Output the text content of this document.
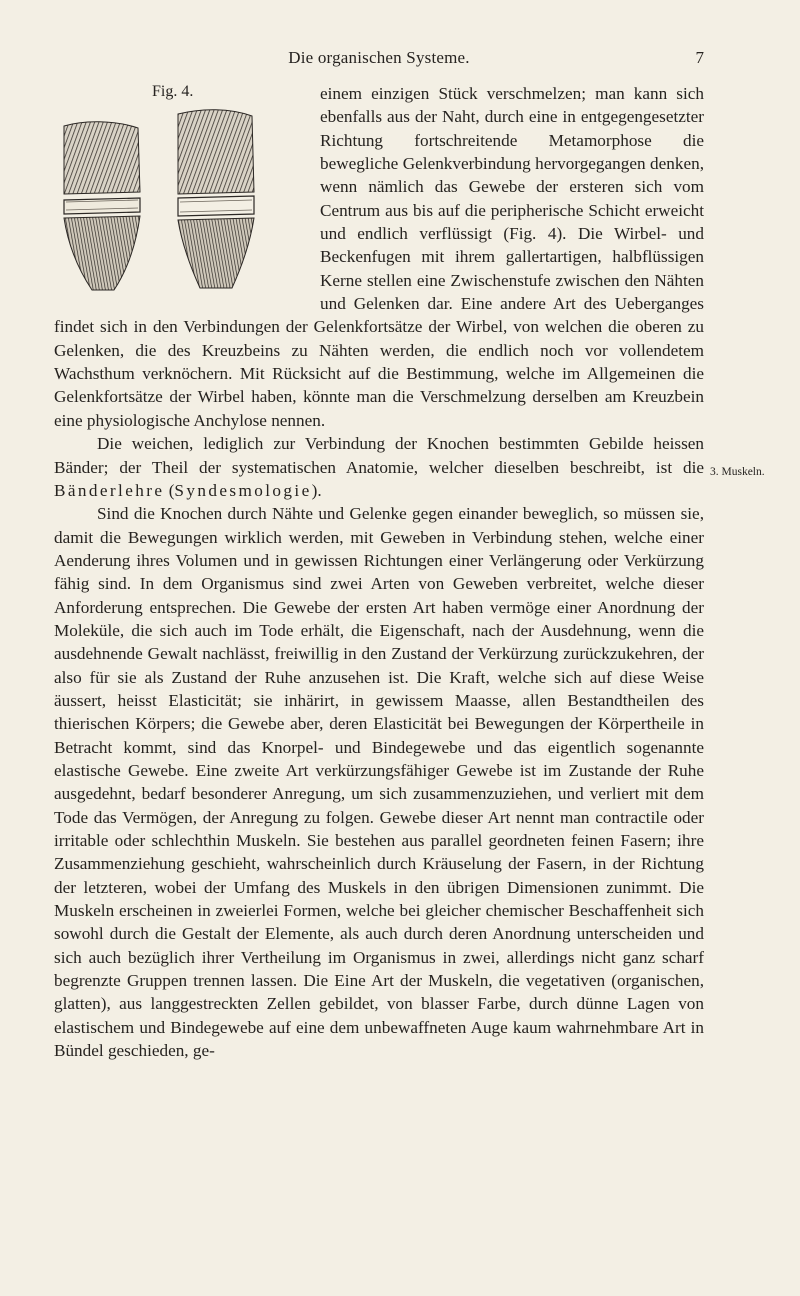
Die organischen Systeme.	7
3. Muskeln.
Fig. 4.	einem einzigen Stück verschmelzen; man kann sich ebenfalls aus der Naht, durch eine in entgegengesetzter Richtung fortschreitende Metamorphose die bewegliche Gelenkverbindung hervorgegangen denken, wenn nämlich das Gewebe der ersteren sich vom Centrum aus bis auf die peripherische Schicht erweicht und endlich verflüssigt (Fig. 4). Die Wirbel- und Beckenfugen mit ihrem gallertartigen, halbflüssigen Kerne stellen eine Zwischenstufe zwischen den Nähten und Gelenken dar. Eine andere Art des Ueberganges findet sich in den Verbindungen der Gelenkfortsätze der Wirbel, von welchen die oberen zu Gelenken, die des Kreuzbeins zu Nähten werden, die endlich noch vor vollendetem Wachsthum verknöchern. Mit Rücksicht auf die Bestimmung, welche im Allgemeinen die Gelenkfortsätze der Wirbel haben, könnte man die Verschmelzung derselben am Kreuzbein eine physiologische Anchylose nennen.

Die weichen, lediglich zur Verbindung der Knochen bestimmten Gebilde heissen Bänder; der Theil der systematischen Anatomie, welcher dieselben beschreibt, ist die Bänderlehre (Syndesmologie).

Sind die Knochen durch Nähte und Gelenke gegen einander beweglich, so müssen sie, damit die Bewegungen wirklich werden, mit Geweben in Verbindung stehen, welche einer Aenderung ihres Volumen und in gewissen Richtungen einer Verlängerung oder Verkürzung fähig sind. In dem Organismus sind zwei Arten von Geweben verbreitet, welche dieser Anforderung entsprechen. Die Gewebe der ersten Art haben vermöge einer Anordnung der Moleküle, die sich auch im Tode erhält, die Eigenschaft, nach der Ausdehnung, wenn die ausdehnende Gewalt nachlässt, freiwillig in den Zustand der Verkürzung zurückzukehren, der also für sie als Zustand der Ruhe anzusehen ist. Die Kraft, welche sich auf diese Weise äussert, heisst Elasticität; sie inhärirt, in gewissem Maasse, allen Bestandtheilen des thierischen Körpers; die Gewebe aber, deren Elasticität bei Bewegungen der Körpertheile in Betracht kommt, sind das Knorpel- und Bindegewebe und das eigentlich sogenannte elastische Gewebe. Eine zweite Art verkürzungsfähiger Gewebe ist im Zustande der Ruhe ausgedehnt, bedarf besonderer Anregung, um sich zusammenzuziehen, und verliert mit dem Tode das Vermögen, der Anregung zu folgen. Gewebe dieser Art nennt man contractile oder irritable oder schlechthin Muskeln. Sie bestehen aus parallel geordneten feinen Fasern; ihre Zusammenziehung geschieht, wahrscheinlich durch Kräuselung der Fasern, in der Richtung der letzteren, wobei der Umfang des Muskels in den übrigen Dimensionen zunimmt. Die Muskeln erscheinen in zweierlei Formen, welche bei gleicher chemischer Beschaffenheit sich sowohl durch die Gestalt der Elemente, als auch durch deren Anordnung unterscheiden und sich auch bezüglich ihrer Vertheilung im Organismus in zwei, allerdings nicht ganz scharf begrenzte Gruppen trennen lassen. Die Eine Art der Muskeln, die vegetativen (organischen, glatten), aus langgestreckten Zellen gebildet, von blasser Farbe, durch dünne Lagen von elastischem und Bindegewebe auf eine dem unbewaffneten Auge kaum wahrnehmbare Art in Bündel geschieden, ge-
